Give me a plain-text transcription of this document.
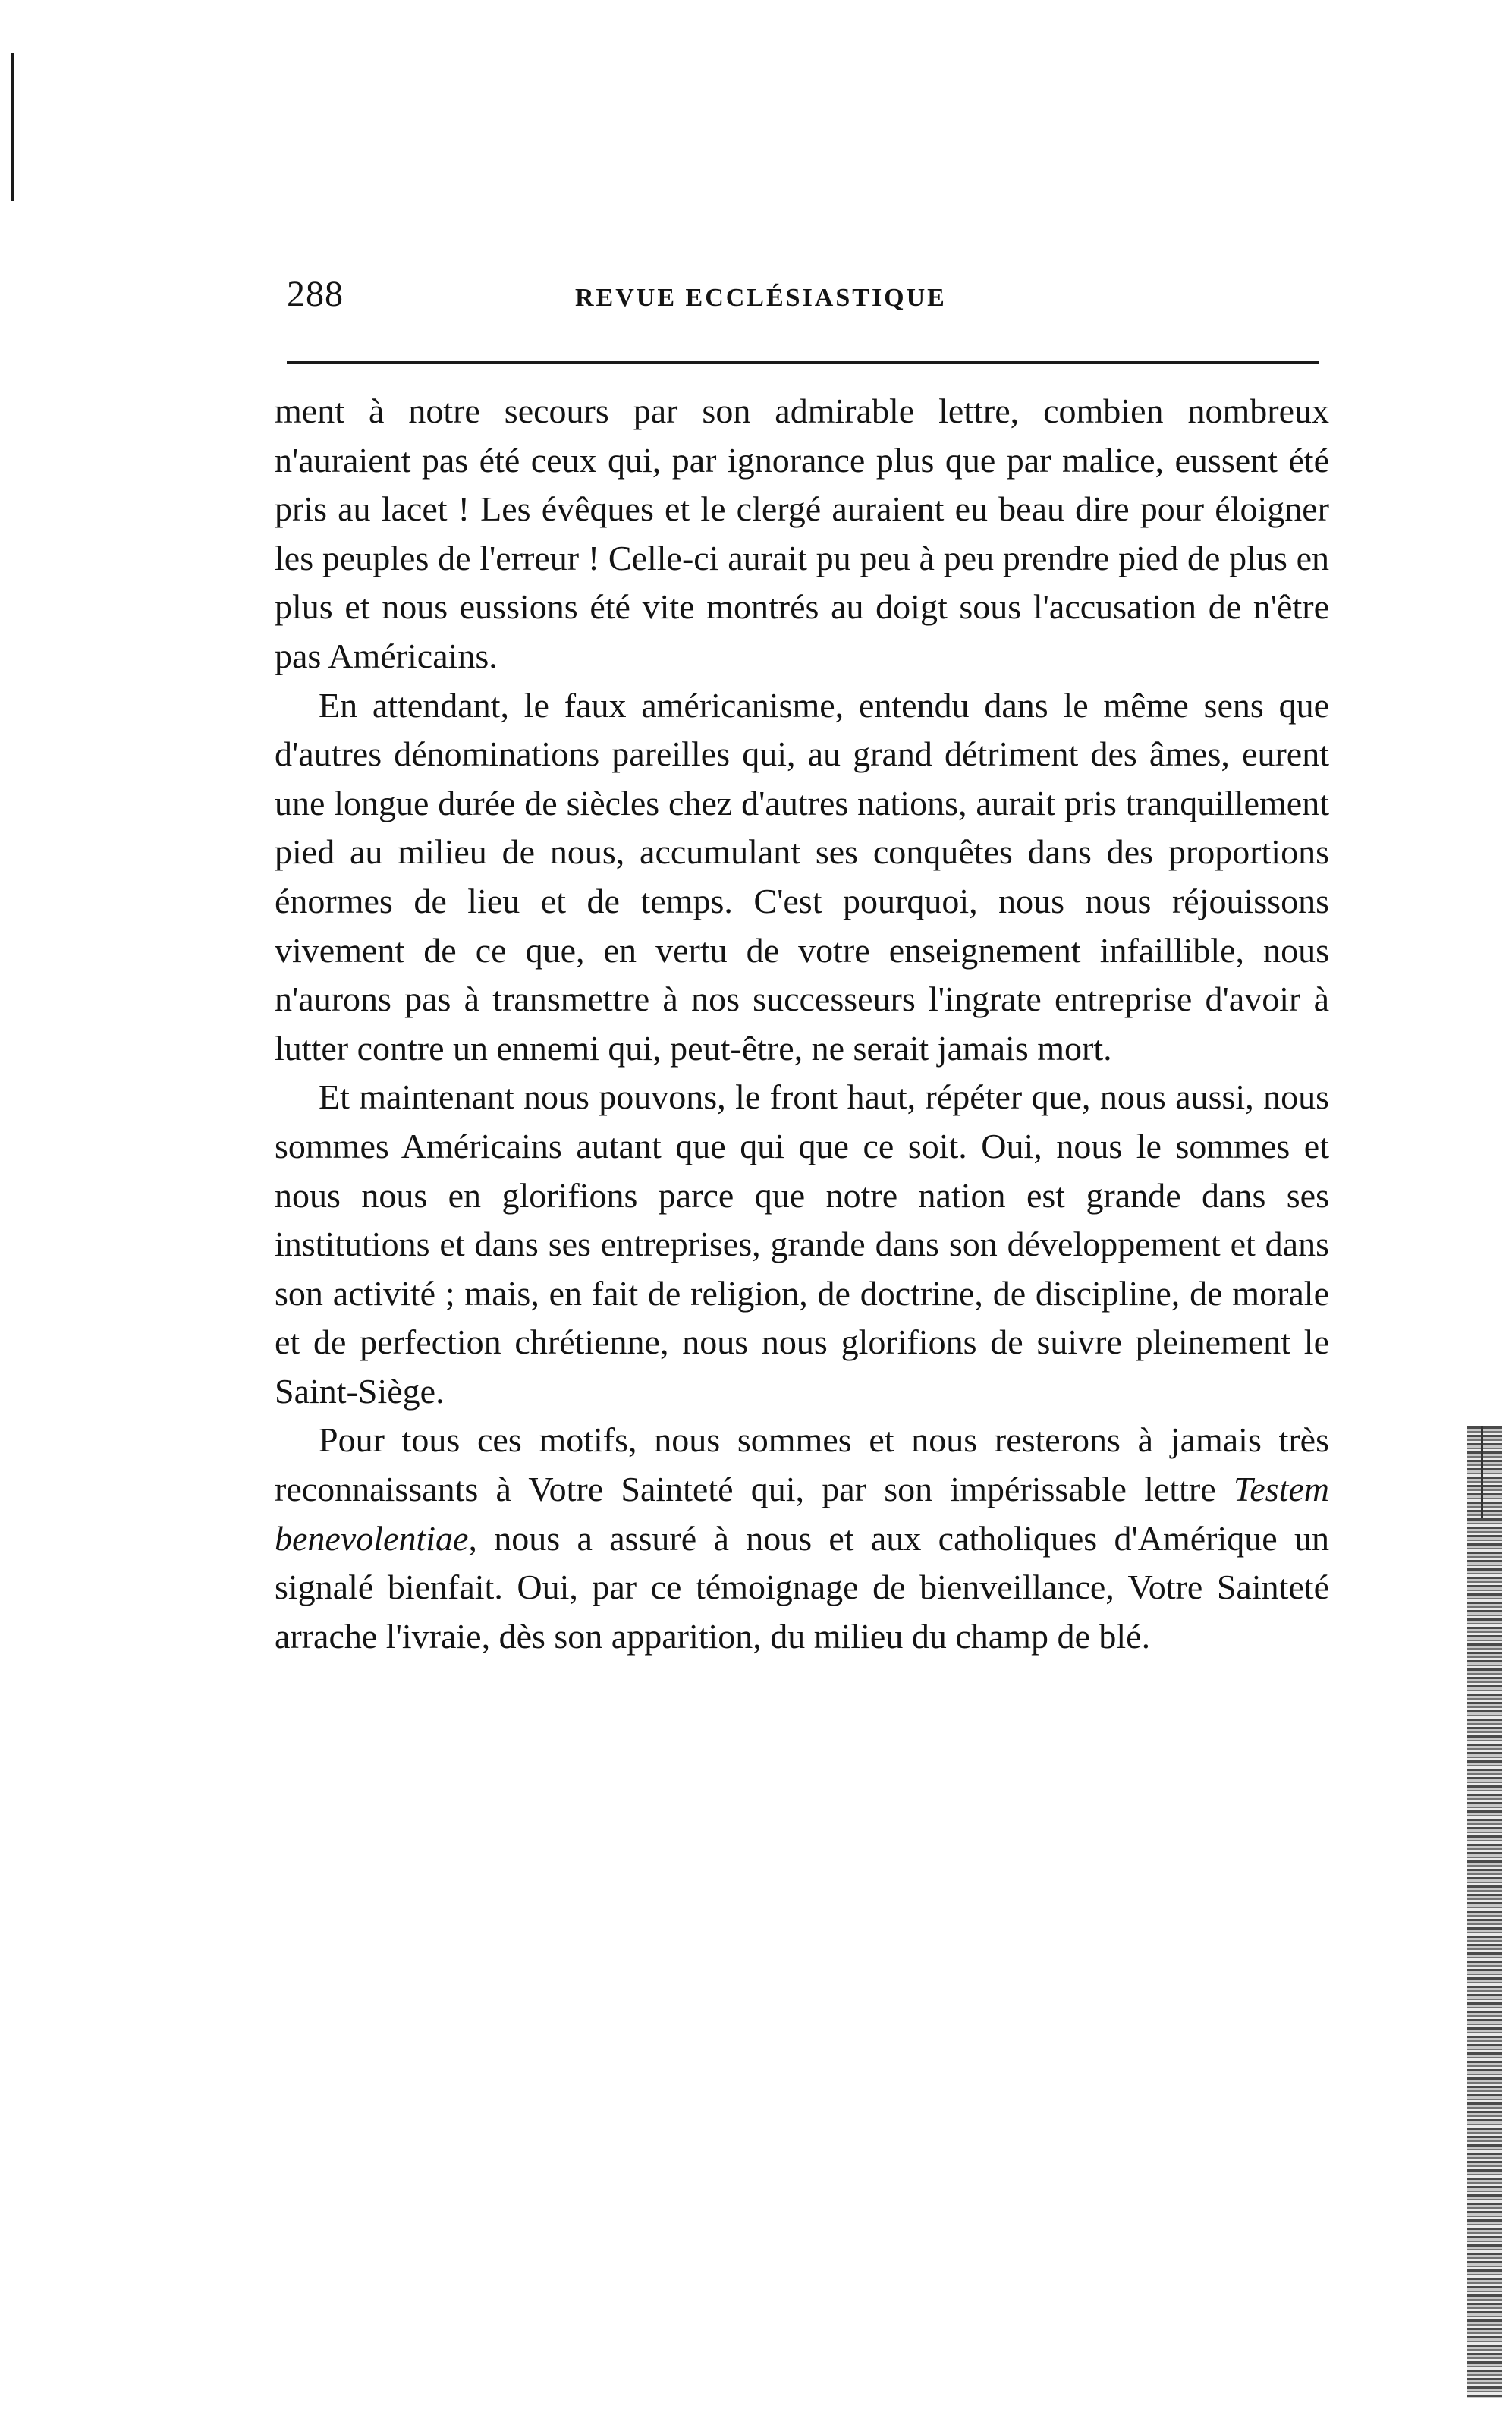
288	REVUE ECCLÉSIASTIQUE

ment à notre secours par son admirable lettre, combien nombreux n'auraient pas été ceux qui, par ignorance plus que par malice, eussent été pris au lacet ! Les évêques et le clergé auraient eu beau dire pour éloigner les peuples de l'erreur ! Celle-ci aurait pu peu à peu prendre pied de plus en plus et nous eussions été vite montrés au doigt sous l'accusation de n'être pas Américains.

En attendant, le faux américanisme, entendu dans le même sens que d'autres dénominations pareilles qui, au grand détriment des âmes, eurent une longue durée de siècles chez d'autres nations, aurait pris tranquillement pied au milieu de nous, accumulant ses conquêtes dans des proportions énormes de lieu et de temps. C'est pourquoi, nous nous réjouissons vivement de ce que, en vertu de votre enseignement infaillible, nous n'aurons pas à transmettre à nos successeurs l'ingrate entreprise d'avoir à lutter contre un ennemi qui, peut-être, ne serait jamais mort.

Et maintenant nous pouvons, le front haut, répéter que, nous aussi, nous sommes Américains autant que qui que ce soit. Oui, nous le sommes et nous nous en glorifions parce que notre nation est grande dans ses institutions et dans ses entreprises, grande dans son développement et dans son activité ; mais, en fait de religion, de doctrine, de discipline, de morale et de perfection chrétienne, nous nous glorifions de suivre pleinement le Saint-Siège.

Pour tous ces motifs, nous sommes et nous resterons à jamais très reconnaissants à Votre Sainteté qui, par son impérissable lettre Testem benevolentiae, nous a assuré à nous et aux catholiques d'Amérique un signalé bienfait. Oui, par ce témoignage de bienveillance, Votre Sainteté arrache l'ivraie, dès son apparition, du milieu du champ de blé.
